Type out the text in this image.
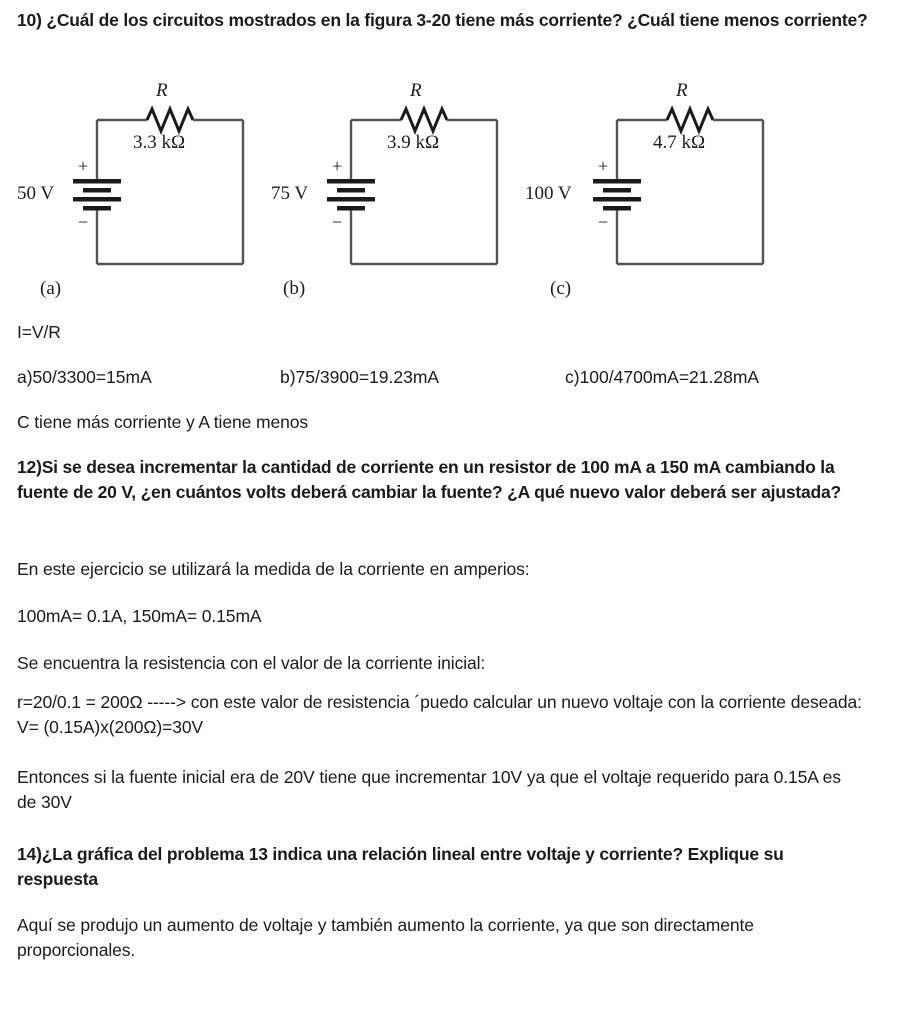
10) ¿Cuál de los circuitos mostrados en la figura 3-20 tiene más corriente? ¿Cuál tiene menos corriente?
R
3.3 kΩ
50 V
+
−
(a)
R
3.9 kΩ
75 V
+
−
(b)
R
4.7 kΩ
100 V
+
−
(c)
I=V/R
a)50/3300=15mA	b)75/3900=19.23mA	c)100/4700mA=21.28mA
C tiene más corriente y A tiene menos
12)Si se desea incrementar la cantidad de corriente en un resistor de 100 mA a 150 mA cambiando la fuente de 20 V, ¿en cuántos volts deberá cambiar la fuente? ¿A qué nuevo valor deberá ser ajustada?
En este ejercicio se utilizará la medida de la corriente en amperios:
100mA= 0.1A, 150mA= 0.15mA
Se encuentra la resistencia con el valor de la corriente inicial:
r=20/0.1 = 200Ω -----> con este valor de resistencia ´puedo calcular un nuevo voltaje con la corriente deseada: V= (0.15A)x(200Ω)=30V
Entonces si la fuente inicial era de 20V tiene que incrementar 10V ya que el voltaje requerido para 0.15A es de 30V
14)¿La gráfica del problema 13 indica una relación lineal entre voltaje y corriente? Explique su respuesta
Aquí se produjo un aumento de voltaje y también aumento la corriente, ya que son directamente proporcionales.
